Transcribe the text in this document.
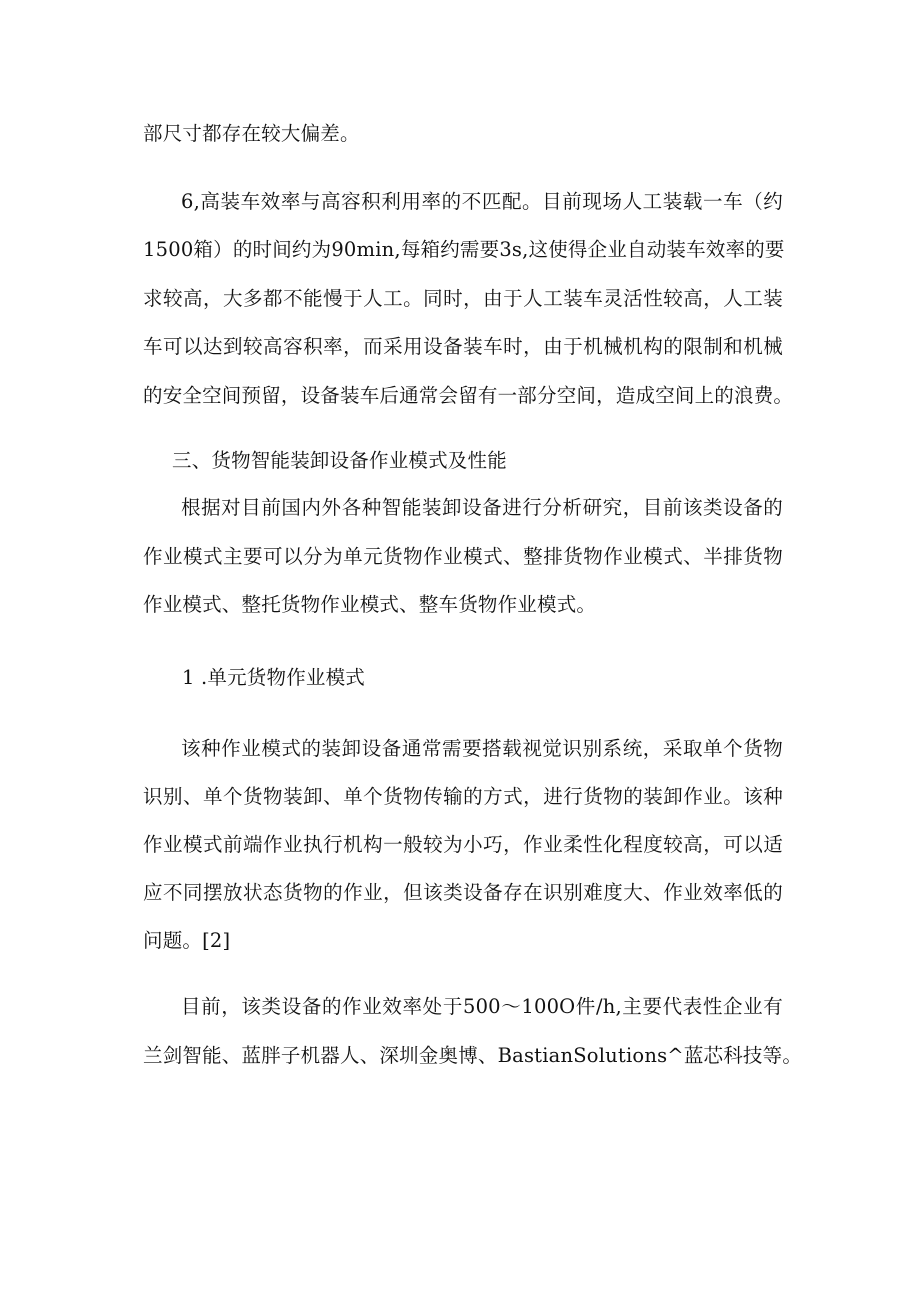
部尺寸都存在较大偏差。
6,高装车效率与高容积利用率的不匹配。目前现场人工装载一车（约
1500箱）的时间约为90min,每箱约需要3s,这使得企业自动装车效率的要
求较高，大多都不能慢于人工。同时，由于人工装车灵活性较高，人工装
车可以达到较高容积率，而采用设备装车时，由于机械机构的限制和机械
的安全空间预留，设备装车后通常会留有一部分空间，造成空间上的浪费。
三、货物智能装卸设备作业模式及性能
根据对目前国内外各种智能装卸设备进行分析研究，目前该类设备的
作业模式主要可以分为单元货物作业模式、整排货物作业模式、半排货物
作业模式、整托货物作业模式、整车货物作业模式。
1 .单元货物作业模式
该种作业模式的装卸设备通常需要搭载视觉识别系统，采取单个货物
识别、单个货物装卸、单个货物传输的方式，进行货物的装卸作业。该种
作业模式前端作业执行机构一般较为小巧，作业柔性化程度较高，可以适
应不同摆放状态货物的作业，但该类设备存在识别难度大、作业效率低的
问题。[2]
目前，该类设备的作业效率处于500～100O件/h,主要代表性企业有
兰剑智能、蓝胖子机器人、深圳金奥博、BastianSolutions^蓝芯科技等。
